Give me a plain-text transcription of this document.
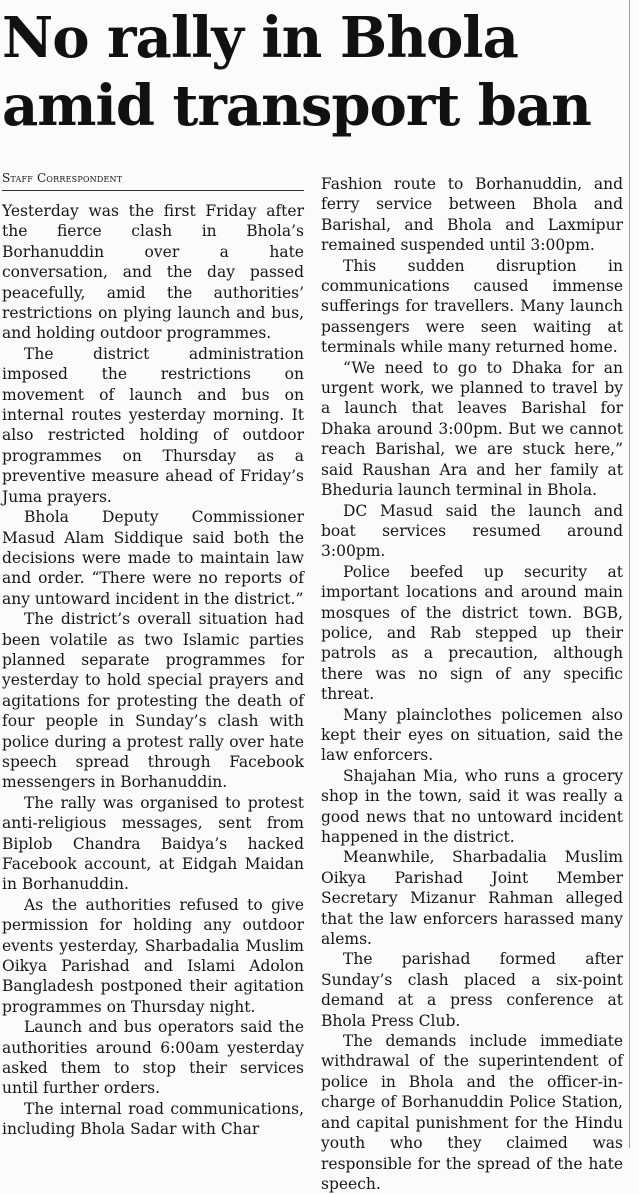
No rally in Bhola
amid transport ban
Staff Correspondent

Yesterday was the first Friday after the fierce clash in Bhola’s Borhanuddin over a hate conversation, and the day passed peacefully, amid the authorities’ restrictions on plying launch and bus, and holding outdoor programmes.

The district administration imposed the restrictions on movement of launch and bus on internal routes yesterday morning. It also restricted holding of outdoor programmes on Thursday as a preventive measure ahead of Friday’s Juma prayers.

Bhola Deputy Commissioner Masud Alam Siddique said both the decisions were made to maintain law and order. “There were no reports of any untoward incident in the district.”

The district’s overall situation had been volatile as two Islamic parties planned separate programmes for yesterday to hold special prayers and agitations for protesting the death of four people in Sunday’s clash with police during a protest rally over hate speech spread through Facebook messengers in Borhanuddin.

The rally was organised to protest anti-religious messages, sent from Biplob Chandra Baidya’s hacked Facebook account, at Eidgah Maidan in Borhanuddin.

As the authorities refused to give permission for holding any outdoor events yesterday, Sharbadalia Muslim Oikya Parishad and Islami Adolon Bangladesh postponed their agitation programmes on Thursday night.

Launch and bus operators said the authorities around 6:00am yesterday asked them to stop their services until further orders.

The internal road communications, including Bhola Sadar with Char

Fashion route to Borhanuddin, and ferry service between Bhola and Barishal, and Bhola and Laxmipur remained suspended until 3:00pm.

This sudden disruption in communications caused immense sufferings for travellers. Many launch passengers were seen waiting at terminals while many returned home.

“We need to go to Dhaka for an urgent work, we planned to travel by a launch that leaves Barishal for Dhaka around 3:00pm. But we cannot reach Barishal, we are stuck here,” said Raushan Ara and her family at Bheduria launch terminal in Bhola.

DC Masud said the launch and boat services resumed around 3:00pm.

Police beefed up security at important locations and around main mosques of the district town. BGB, police, and Rab stepped up their patrols as a precaution, although there was no sign of any specific threat.

Many plainclothes policemen also kept their eyes on situation, said the law enforcers.

Shajahan Mia, who runs a grocery shop in the town, said it was really a good news that no untoward incident happened in the district.

Meanwhile, Sharbadalia Muslim Oikya Parishad Joint Member Secretary Mizanur Rahman alleged that the law enforcers harassed many alems.

The parishad formed after Sunday’s clash placed a six-point demand at a press conference at Bhola Press Club.

The demands include immediate withdrawal of the superintendent of police in Bhola and the officer-in-charge of Borhanuddin Police Station, and capital punishment for the Hindu youth who they claimed was responsible for the spread of the hate speech.
